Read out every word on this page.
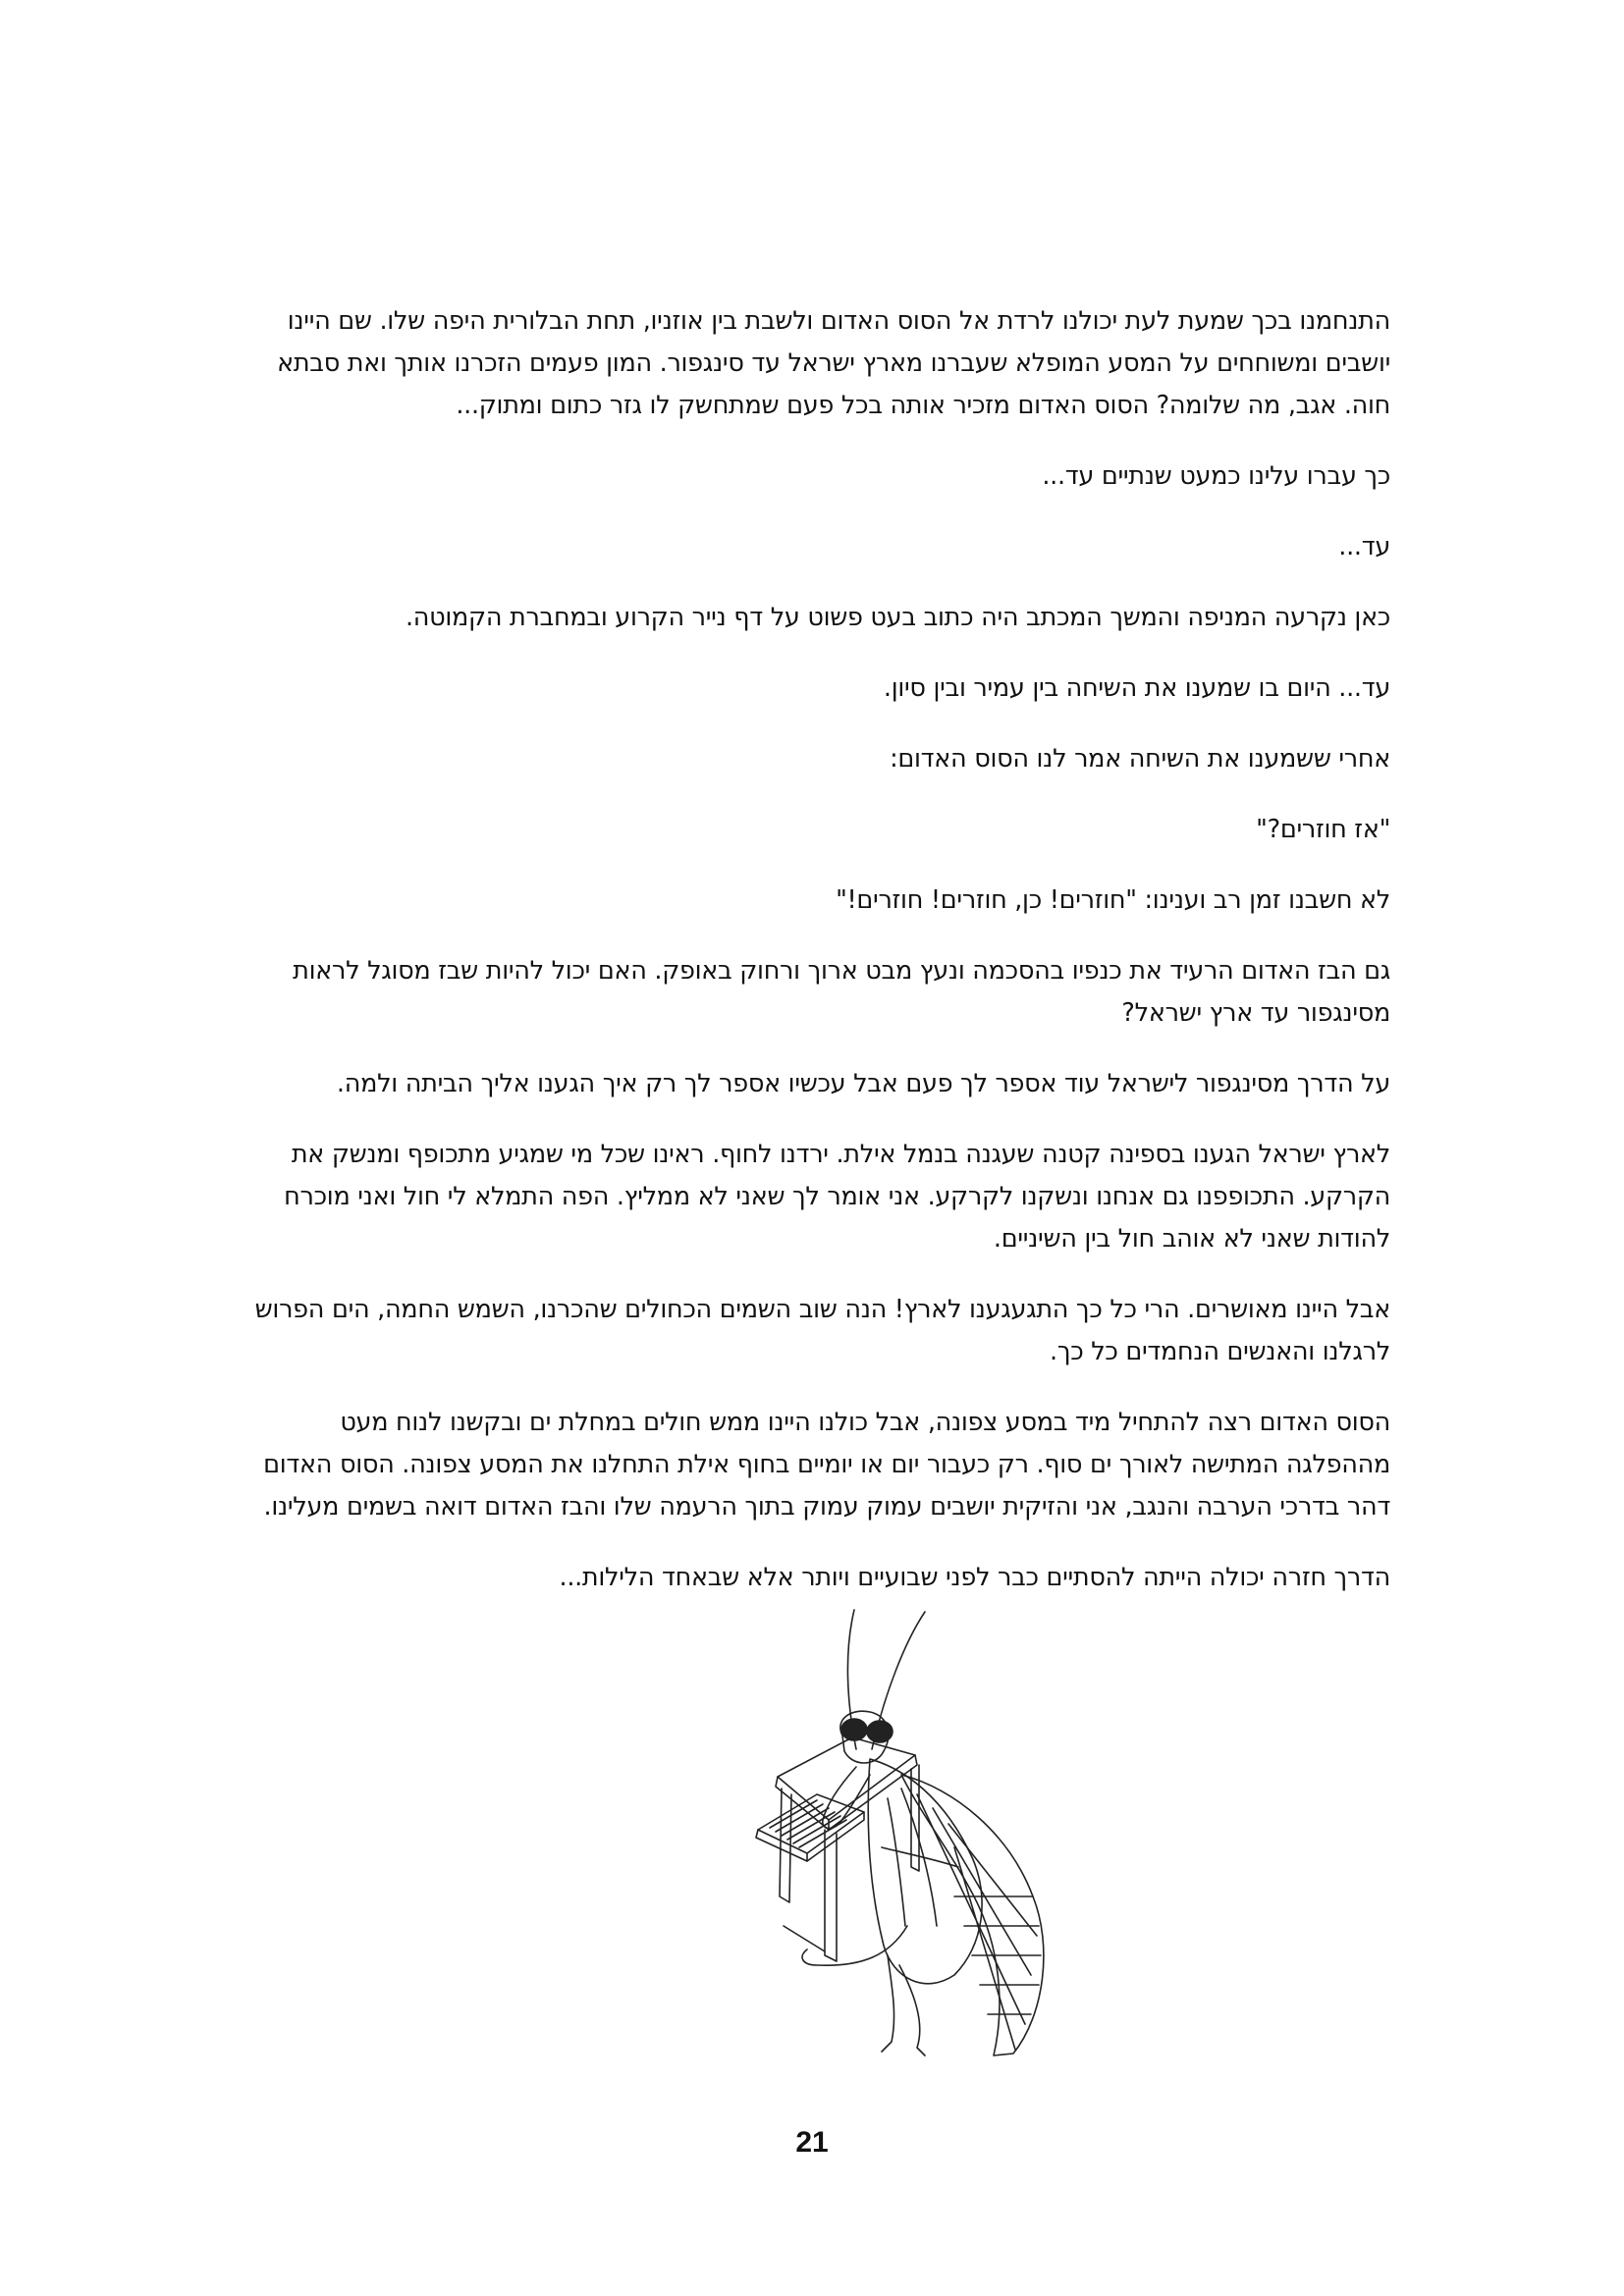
התנחמנו בכך שמעת לעת יכולנו לרדת אל הסוס האדום ולשבת בין אוזניו, תחת הבלורית היפה שלו. שם היינו יושבים ומשוחחים על המסע המופלא שעברנו מארץ ישראל עד סינגפור. המון פעמים הזכרנו אותך ואת סבתא חוה. אגב, מה שלומה? הסוס האדום מזכיר אותה בכל פעם שמתחשק לו גזר כתום ומתוק...

כך עברו עלינו כמעט שנתיים עד...

עד...

כאן נקרעה המניפה והמשך המכתב היה כתוב בעט פשוט על דף נייר הקרוע ובמחברת הקמוטה.

עד... היום בו שמענו את השיחה בין עמיר ובין סיון.

אחרי ששמענו את השיחה אמר לנו הסוס האדום:

"אז חוזרים?"

לא חשבנו זמן רב וענינו: "חוזרים! כן, חוזרים! חוזרים!"

גם הבז האדום הרעיד את כנפיו בהסכמה ונעץ מבט ארוך ורחוק באופק. האם יכול להיות שבז מסוגל לראות מסינגפור עד ארץ ישראל?

על הדרך מסינגפור לישראל עוד אספר לך פעם אבל עכשיו אספר לך רק איך הגענו אליך הביתה ולמה.

לארץ ישראל הגענו בספינה קטנה שעגנה בנמל אילת. ירדנו לחוף. ראינו שכל מי שמגיע מתכופף ומנשק את הקרקע. התכופפנו גם אנחנו ונשקנו לקרקע. אני אומר לך שאני לא ממליץ. הפה התמלא לי חול ואני מוכרח להודות שאני לא אוהב חול בין השיניים.

אבל היינו מאושרים. הרי כל כך התגעגענו לארץ! הנה שוב השמים הכחולים שהכרנו, השמש החמה, הים הפרוש לרגלנו והאנשים הנחמדים כל כך.

הסוס האדום רצה להתחיל מיד במסע צפונה, אבל כולנו היינו ממש חולים במחלת ים ובקשנו לנוח מעט מההפלגה המתישה לאורך ים סוף. רק כעבור יום או יומיים בחוף אילת התחלנו את המסע צפונה. הסוס האדום דהר בדרכי הערבה והנגב, אני והזיקית יושבים עמוק עמוק בתוך הרעמה שלו והבז האדום דואה בשמים מעלינו.

הדרך חזרה יכולה הייתה להסתיים כבר לפני שבועיים ויותר אלא שבאחד הלילות...

21
